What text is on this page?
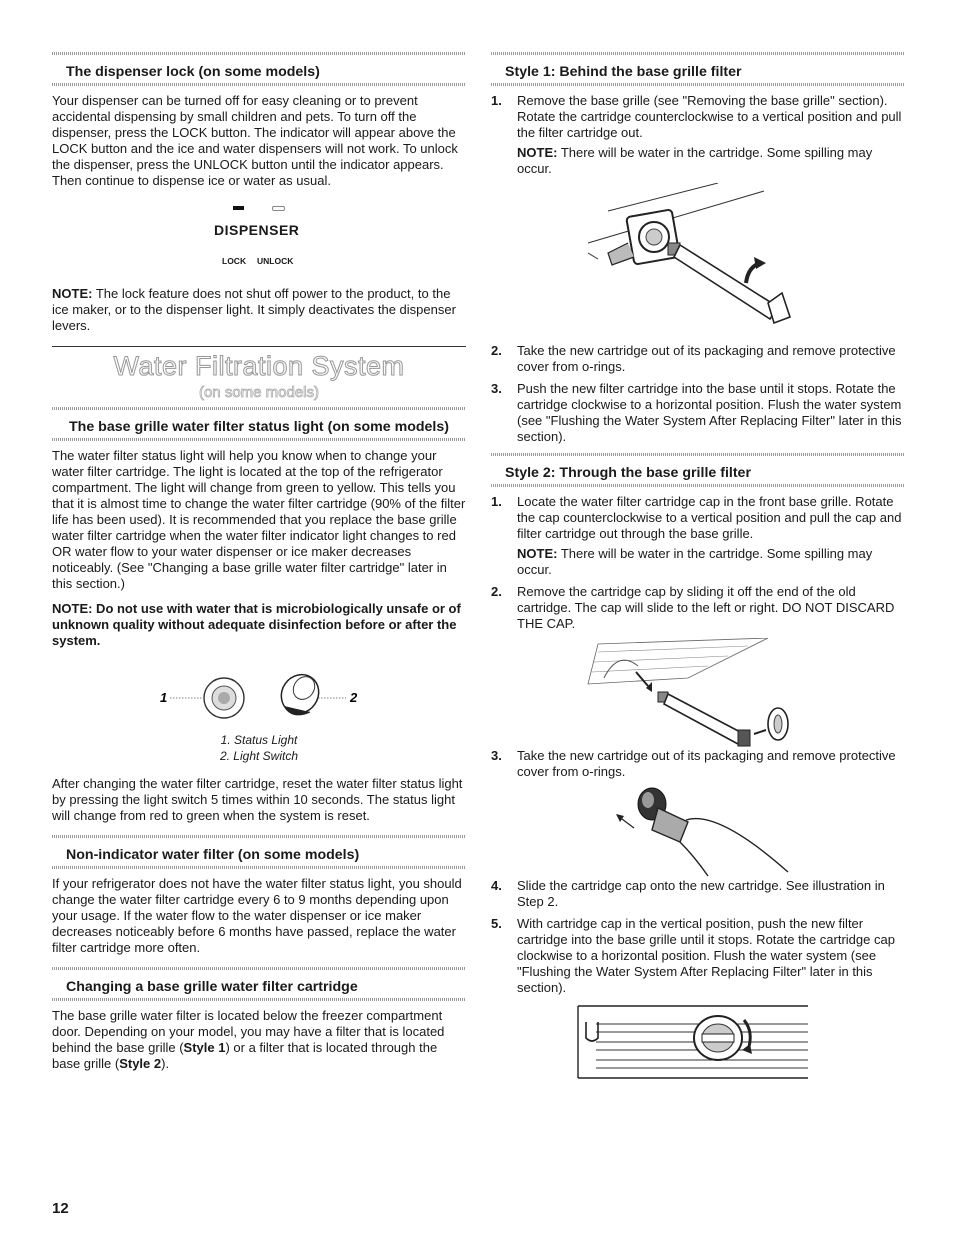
The dispenser lock (on some models)

Your dispenser can be turned off for easy cleaning or to prevent accidental dispensing by small children and pets. To turn off the dispenser, press the LOCK button. The indicator will appear above the LOCK button and the ice and water dispensers will not work. To unlock the dispenser, press the UNLOCK button until the indicator appears. Then continue to dispense ice or water as usual.

DISPENSER
LOCK UNLOCK

NOTE: The lock feature does not shut off power to the product, to the ice maker, or to the dispenser light. It simply deactivates the dispenser levers.

Water Filtration System
(on some models)
The base grille water filter status light (on some models)

The water filter status light will help you know when to change your water filter cartridge. The light is located at the top of the refrigerator compartment. The light will change from green to yellow. This tells you that it is almost time to change the water filter cartridge (90% of the filter life has been used). It is recommended that you replace the base grille water filter cartridge when the water filter indicator light changes to red OR water flow to your water dispenser or ice maker decreases noticeably. (See "Changing a base grille water filter cartridge" later in this section.)

NOTE: Do not use with water that is microbiologically unsafe or of unknown quality without adequate disinfection before or after the system.

1	2
1. Status Light
2. Light Switch

After changing the water filter cartridge, reset the water filter status light by pressing the light switch 5 times within 10 seconds. The status light will change from red to green when the system is reset.

Non-indicator water filter (on some models)

If your refrigerator does not have the water filter status light, you should change the water filter cartridge every 6 to 9 months depending upon your usage. If the water flow to the water dispenser or ice maker decreases noticeably before 6 months have passed, replace the water filter cartridge more often.

Changing a base grille water filter cartridge

The base grille water filter is located below the freezer compartment door. Depending on your model, you may have a filter that is located behind the base grille (Style 1) or a filter that is located through the base grille (Style 2).

Style 1: Behind the base grille filter
1. Remove the base grille (see "Removing the base grille" section). Rotate the cartridge counterclockwise to a vertical position and pull the filter cartridge out.
NOTE: There will be water in the cartridge. Some spilling may occur.
2. Take the new cartridge out of its packaging and remove protective cover from o-rings.
3. Push the new filter cartridge into the base until it stops. Rotate the cartridge clockwise to a horizontal position. Flush the water system (see "Flushing the Water System After Replacing Filter" later in this section).
Style 2: Through the base grille filter
1. Locate the water filter cartridge cap in the front base grille. Rotate the cap counterclockwise to a vertical position and pull the cap and filter cartridge out through the base grille.
NOTE: There will be water in the cartridge. Some spilling may occur.
2. Remove the cartridge cap by sliding it off the end of the old cartridge. The cap will slide to the left or right. DO NOT DISCARD THE CAP.
3. Take the new cartridge out of its packaging and remove protective cover from o-rings.
4. Slide the cartridge cap onto the new cartridge. See illustration in Step 2.
5. With cartridge cap in the vertical position, push the new filter cartridge into the base grille until it stops. Rotate the cartridge cap clockwise to a horizontal position. Flush the water system (see "Flushing the Water System After Replacing Filter" later in this section).
12
